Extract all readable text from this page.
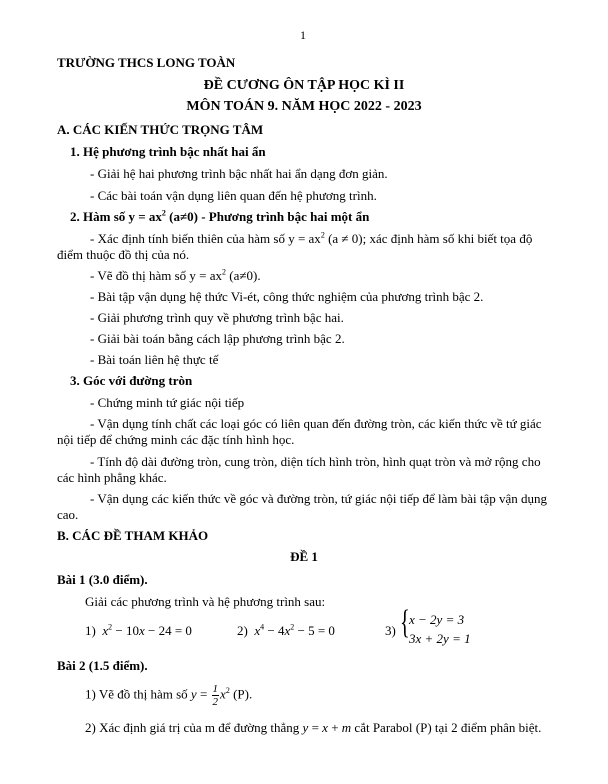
1
TRƯỜNG THCS LONG TOÀN
ĐỀ CƯƠNG ÔN TẬP HỌC KÌ II
MÔN TOÁN 9. NĂM HỌC 2022 - 2023
A. CÁC KIẾN THỨC TRỌNG TÂM
1. Hệ phương trình bậc nhất hai ẩn
- Giải hệ hai phương trình bậc nhất hai ẩn dạng đơn giản.
- Các bài toán vận dụng liên quan đến hệ phương trình.
2. Hàm số $y = ax^2$ (a≠0) - Phương trình bậc hai một ẩn
- Xác định tính biến thiên của hàm số $y = ax^2$ (a ≠ 0); xác định hàm số khi biết tọa độ
điểm thuộc đồ thị của nó.
- Vẽ đồ thị hàm số $y = ax^2$ (a≠0).
- Bài tập vận dụng hệ thức Vi-ét, công thức nghiệm của phương trình bậc 2.
- Giải phương trình quy về phương trình bậc hai.
- Giải bài toán bằng cách lập phương trình bậc 2.
- Bài toán liên hệ thực tế
3. Góc với đường tròn
- Chứng minh tứ giác nội tiếp
- Vận dụng tính chất các loại góc có liên quan đến đường tròn, các kiến thức về tứ giác
nội tiếp để chứng minh các đặc tính hình học.
- Tính độ dài đường tròn, cung tròn, diện tích hình tròn, hình quạt tròn và mở rộng cho
các hình phẳng khác.
- Vận dụng các kiến thức về góc và đường tròn, tứ giác nội tiếp để làm bài tập vận dụng
cao.
B. CÁC ĐỀ THAM KHẢO
ĐỀ 1
Bài 1 (3.0 điểm).
Giải các phương trình và hệ phương trình sau:
1) $x^2 - 10x - 24 = 0$	2) $x^4 - 4x^2 - 5 = 0$	3) { x − 2y = 3
3x + 2y = 1
Bài 2 (1.5 điểm).
1) Vẽ đồ thị hàm số $y = \frac{1}{2} x^2$ (P).
2) Xác định giá trị của m để đường thẳng y = x + m cắt Parabol (P) tại 2 điểm phân biệt.
